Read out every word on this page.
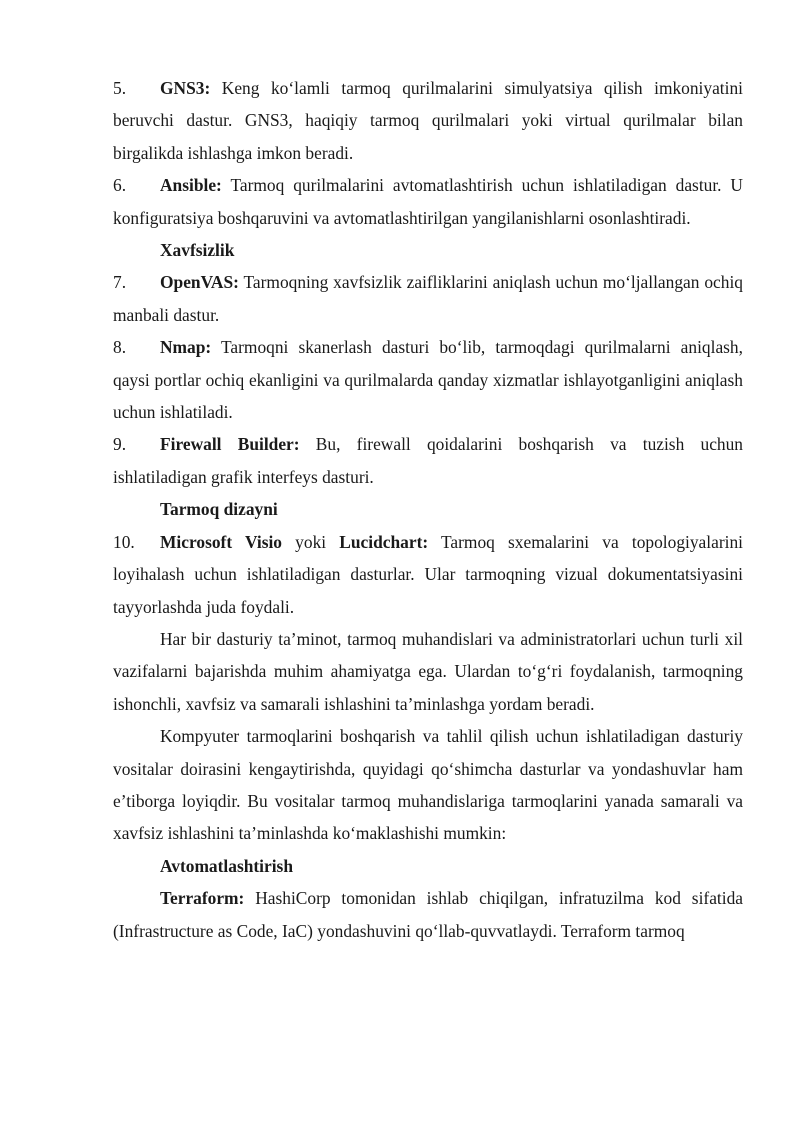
5. GNS3: Keng ko‘lamli tarmoq qurilmalarini simulyatsiya qilish imkoniyatini beruvchi dastur. GNS3, haqiqiy tarmoq qurilmalari yoki virtual qurilmalar bilan birgalikda ishlashga imkon beradi.

6. Ansible: Tarmoq qurilmalarini avtomatlashtirish uchun ishlatiladigan dastur. U konfiguratsiya boshqaruvini va avtomatlashtirilgan yangilanishlarni osonlashtiradi.

Xavfsizlik

7. OpenVAS: Tarmoqning xavfsizlik zaifliklarini aniqlash uchun mo‘ljallangan ochiq manbali dastur.

8. Nmap: Tarmoqni skanerlash dasturi bo‘lib, tarmoqdagi qurilmalarni aniqlash, qaysi portlar ochiq ekanligini va qurilmalarda qanday xizmatlar ishlayotganligini aniqlash uchun ishlatiladi.

9. Firewall Builder: Bu, firewall qoidalarini boshqarish va tuzish uchun ishlatiladigan grafik interfeys dasturi.

Tarmoq dizayni

10. Microsoft Visio yoki Lucidchart: Tarmoq sxemalarini va topologiyalarini loyihalash uchun ishlatiladigan dasturlar. Ular tarmoqning vizual dokumentatsiyasini tayyorlashda juda foydali.

Har bir dasturiy ta’minot, tarmoq muhandislari va administratorlari uchun turli xil vazifalarni bajarishda muhim ahamiyatga ega. Ulardan to‘g‘ri foydalanish, tarmoqning ishonchli, xavfsiz va samarali ishlashini ta’minlashga yordam beradi.

Kompyuter tarmoqlarini boshqarish va tahlil qilish uchun ishlatiladigan dasturiy vositalar doirasini kengaytirishda, quyidagi qo‘shimcha dasturlar va yondashuvlar ham e’tiborga loyiqdir. Bu vositalar tarmoq muhandislariga tarmoqlarini yanada samarali va xavfsiz ishlashini ta’minlashda ko‘maklashishi mumkin:

Avtomatlashtirish

Terraform: HashiCorp tomonidan ishlab chiqilgan, infratuzilma kod sifatida (Infrastructure as Code, IaC) yondashuvini qo‘llab-quvvatlaydi. Terraform tarmoq
